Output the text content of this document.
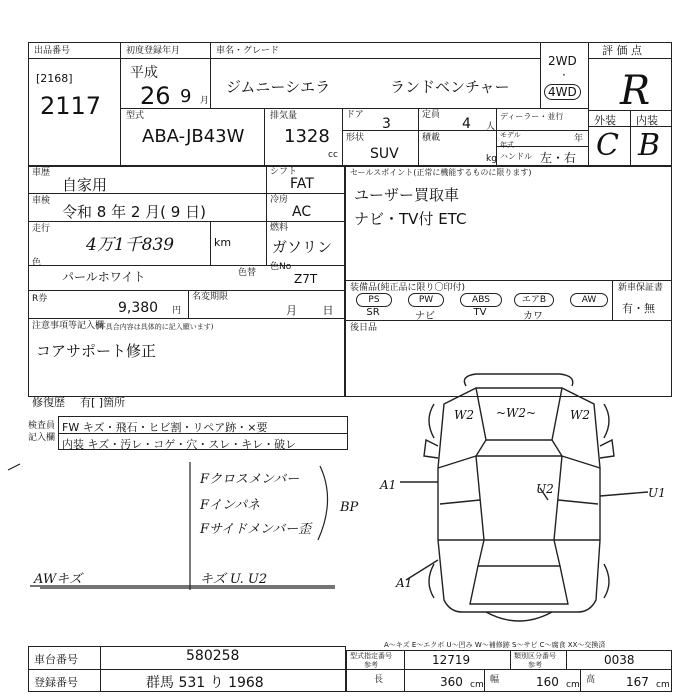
出品番号
[2168]
2117
初度登録年月
平成
26 9 月
車名・グレード
ジムニーシエラ	ランドベンチャー
2WD
·
4WD
評 価 点
R
外装 内装
C B
型式
ABA-JB43W
排気量
1328
cc
ドア
3
定員
4 人
ディーラー・並行
モデル年式
年
ハンドル 左・右
形状
SUV
積載
kg
車歴
自家用
シフト
FAT
車検
令和 8 年 2 月( 9 日)
冷房
AC
走行
4万1千839	km
燃料
ガソリン
色
パールホワイト	色替
色No
Z7T
R券
9,380 円
名変期限
月 日
注意事項等記入欄
(不具合内容は具体的に記入願います)
コアサポート修正
修復歴 有[ ]箇所
セールスポイント(正常に機能するものに限ります)
ユーザー買取車
ナビ・TV付 ETC
装備品(純正品に限り〇印付)	新車保証書
有・無
PS	PW	ABS	エアB	AW
SR	ナビ	TV	カワ
後日品
検査員
記入欄
FW キズ・飛石・ヒビ割・リペア跡・×要
内装 キズ・汚レ・コゲ・穴・スレ・キレ・破レ
Fクロスメンバー
Fインパネ
Fサイドメンバー歪
BP
AWキズ	キズ U. U2
W2 ~W2~	W2
A1	U2	U1
A1
A〜キズ E〜エクボ U〜凹み W〜補修跡 S〜サビ C〜腐食 XX〜交換済
車台番号	580258
登録番号	群馬 531 り 1968
型式指定番号
参考	12719	類別区分番号
参考	0038
長	360 cm 幅	160 cm 高	167 cm
